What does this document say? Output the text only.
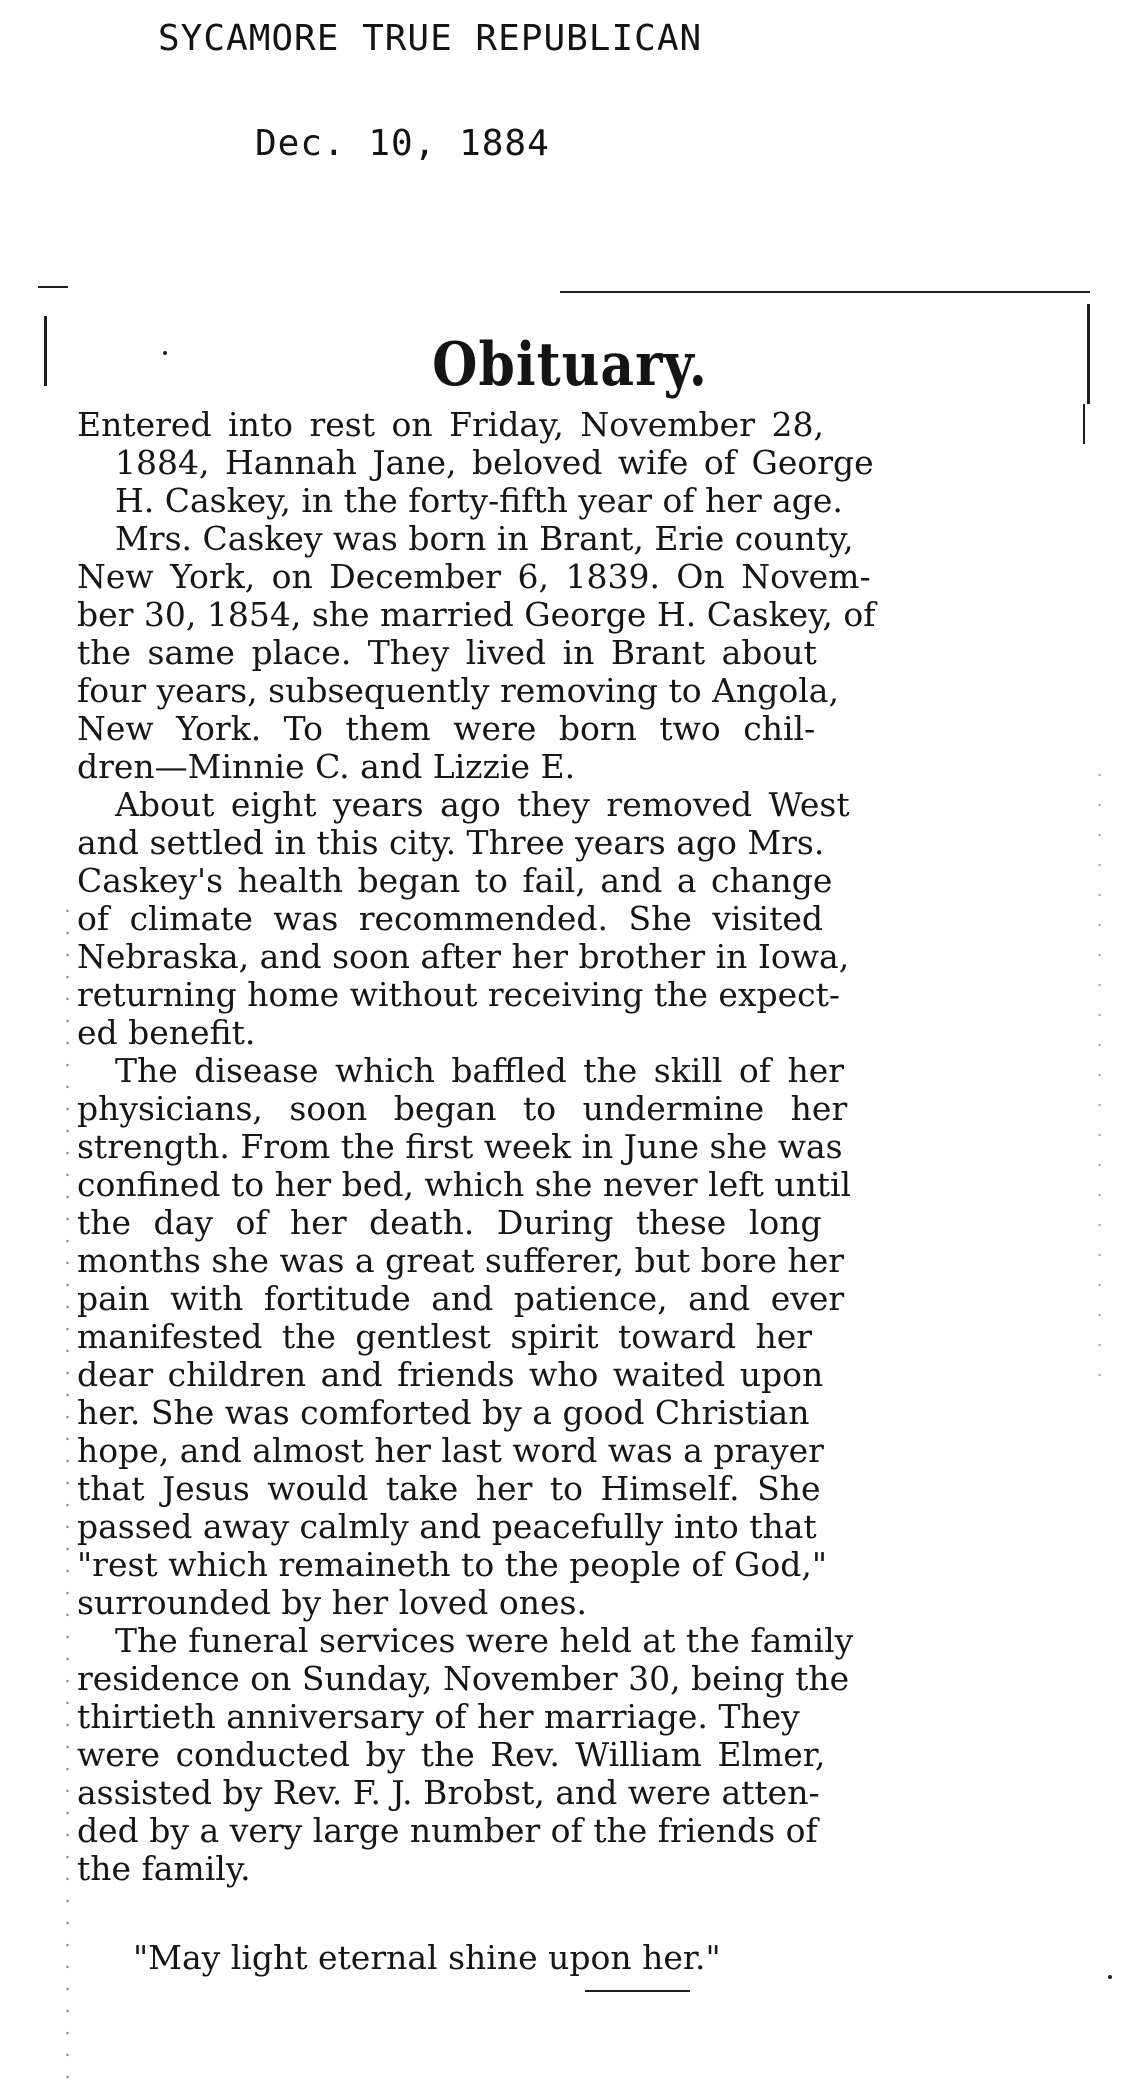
SYCAMORE TRUE REPUBLICAN
Dec. 10, 1884
Obituary.
Entered into rest on Friday, November 28,
1884, Hannah Jane, beloved wife of George
H. Caskey, in the forty-fifth year of her age.
Mrs. Caskey was born in Brant, Erie county,
New York, on December 6, 1839. On Novem-
ber 30, 1854, she married George H. Caskey, of
the same place. They lived in Brant about
four years, subsequently removing to Angola,
New York. To them were born two chil-
dren—Minnie C. and Lizzie E.
About eight years ago they removed West
and settled in this city. Three years ago Mrs.
Caskey's health began to fail, and a change
of climate was recommended. She visited
Nebraska, and soon after her brother in Iowa,
returning home without receiving the expect-
ed benefit.
The disease which baffled the skill of her
physicians, soon began to undermine her
strength. From the first week in June she was
confined to her bed, which she never left until
the day of her death. During these long
months she was a great sufferer, but bore her
pain with fortitude and patience, and ever
manifested the gentlest spirit toward her
dear children and friends who waited upon
her. She was comforted by a good Christian
hope, and almost her last word was a prayer
that Jesus would take her to Himself. She
passed away calmly and peacefully into that
"rest which remaineth to the people of God,"
surrounded by her loved ones.
The funeral services were held at the family
residence on Sunday, November 30, being the
thirtieth anniversary of her marriage. They
were conducted by the Rev. William Elmer,
assisted by Rev. F. J. Brobst, and were atten-
ded by a very large number of the friends of
the family.
"May light eternal shine upon her."
